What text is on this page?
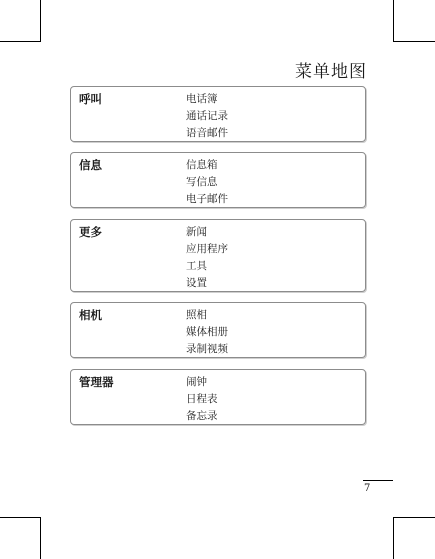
菜单地图
呼叫	电话簿
通话记录
语音邮件
信息	信息箱
写信息
电子邮件
更多	新闻
应用程序
工具
设置
相机	照相
媒体相册
录制视频
管理器	闹钟
日程表
备忘录
7
